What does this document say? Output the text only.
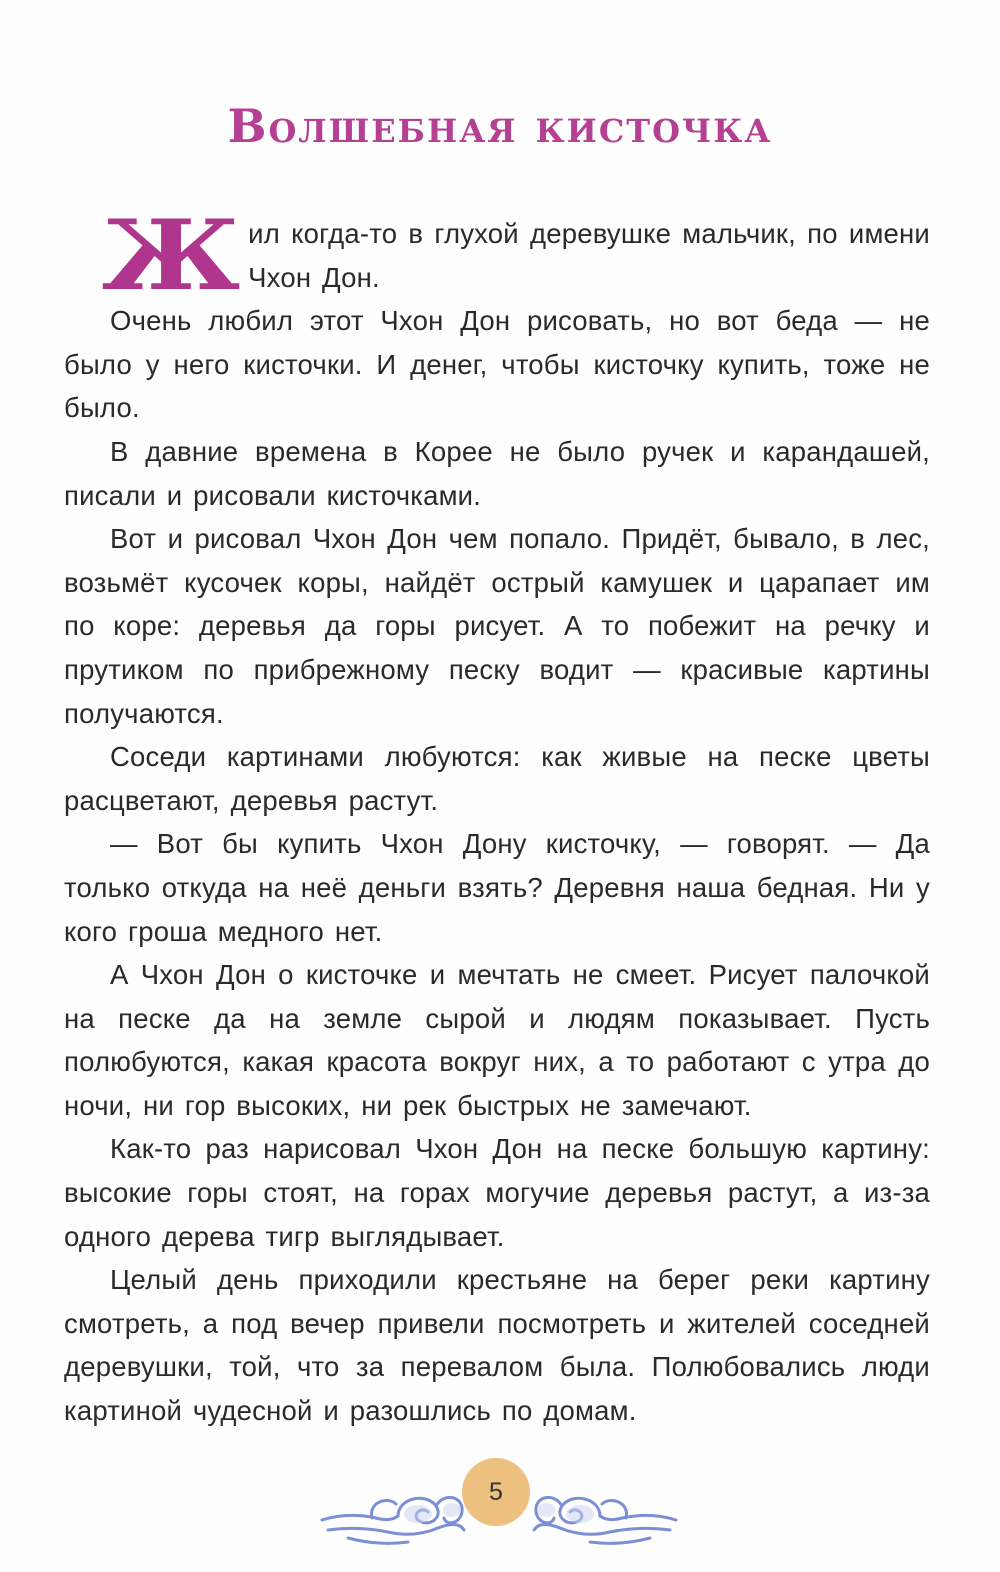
Волшебная кисточка

Жил когда-то в глухой деревушке мальчик, по имени Чхон Дон.

Очень любил этот Чхон Дон рисовать, но вот беда — не было у него кисточки. И денег, чтобы кисточку купить, тоже не было.

В давние времена в Корее не было ручек и карандашей, писали и рисовали кисточками.

Вот и рисовал Чхон Дон чем попало. Придёт, бывало, в лес, возьмёт кусочек коры, найдёт острый камушек и царапает им по коре: деревья да горы рисует. А то побежит на речку и прутиком по прибрежному песку водит — красивые картины получаются.

Соседи картинами любуются: как живые на песке цветы расцветают, деревья растут.

— Вот бы купить Чхон Дону кисточку, — говорят. — Да только откуда на неё деньги взять? Деревня наша бедная. Ни у кого гроша медного нет.

А Чхон Дон о кисточке и мечтать не смеет. Рисует палочкой на песке да на земле сырой и людям показывает. Пусть полюбуются, какая красота вокруг них, а то работают с утра до ночи, ни гор высоких, ни рек быстрых не замечают.

Как-то раз нарисовал Чхон Дон на песке большую картину: высокие горы стоят, на горах могучие деревья растут, а из-за одного дерева тигр выглядывает.

Целый день приходили крестьяне на берег реки картину смотреть, а под вечер привели посмотреть и жителей соседней деревушки, той, что за перевалом была. Полюбовались люди картиной чудесной и разошлись по домам.

5
